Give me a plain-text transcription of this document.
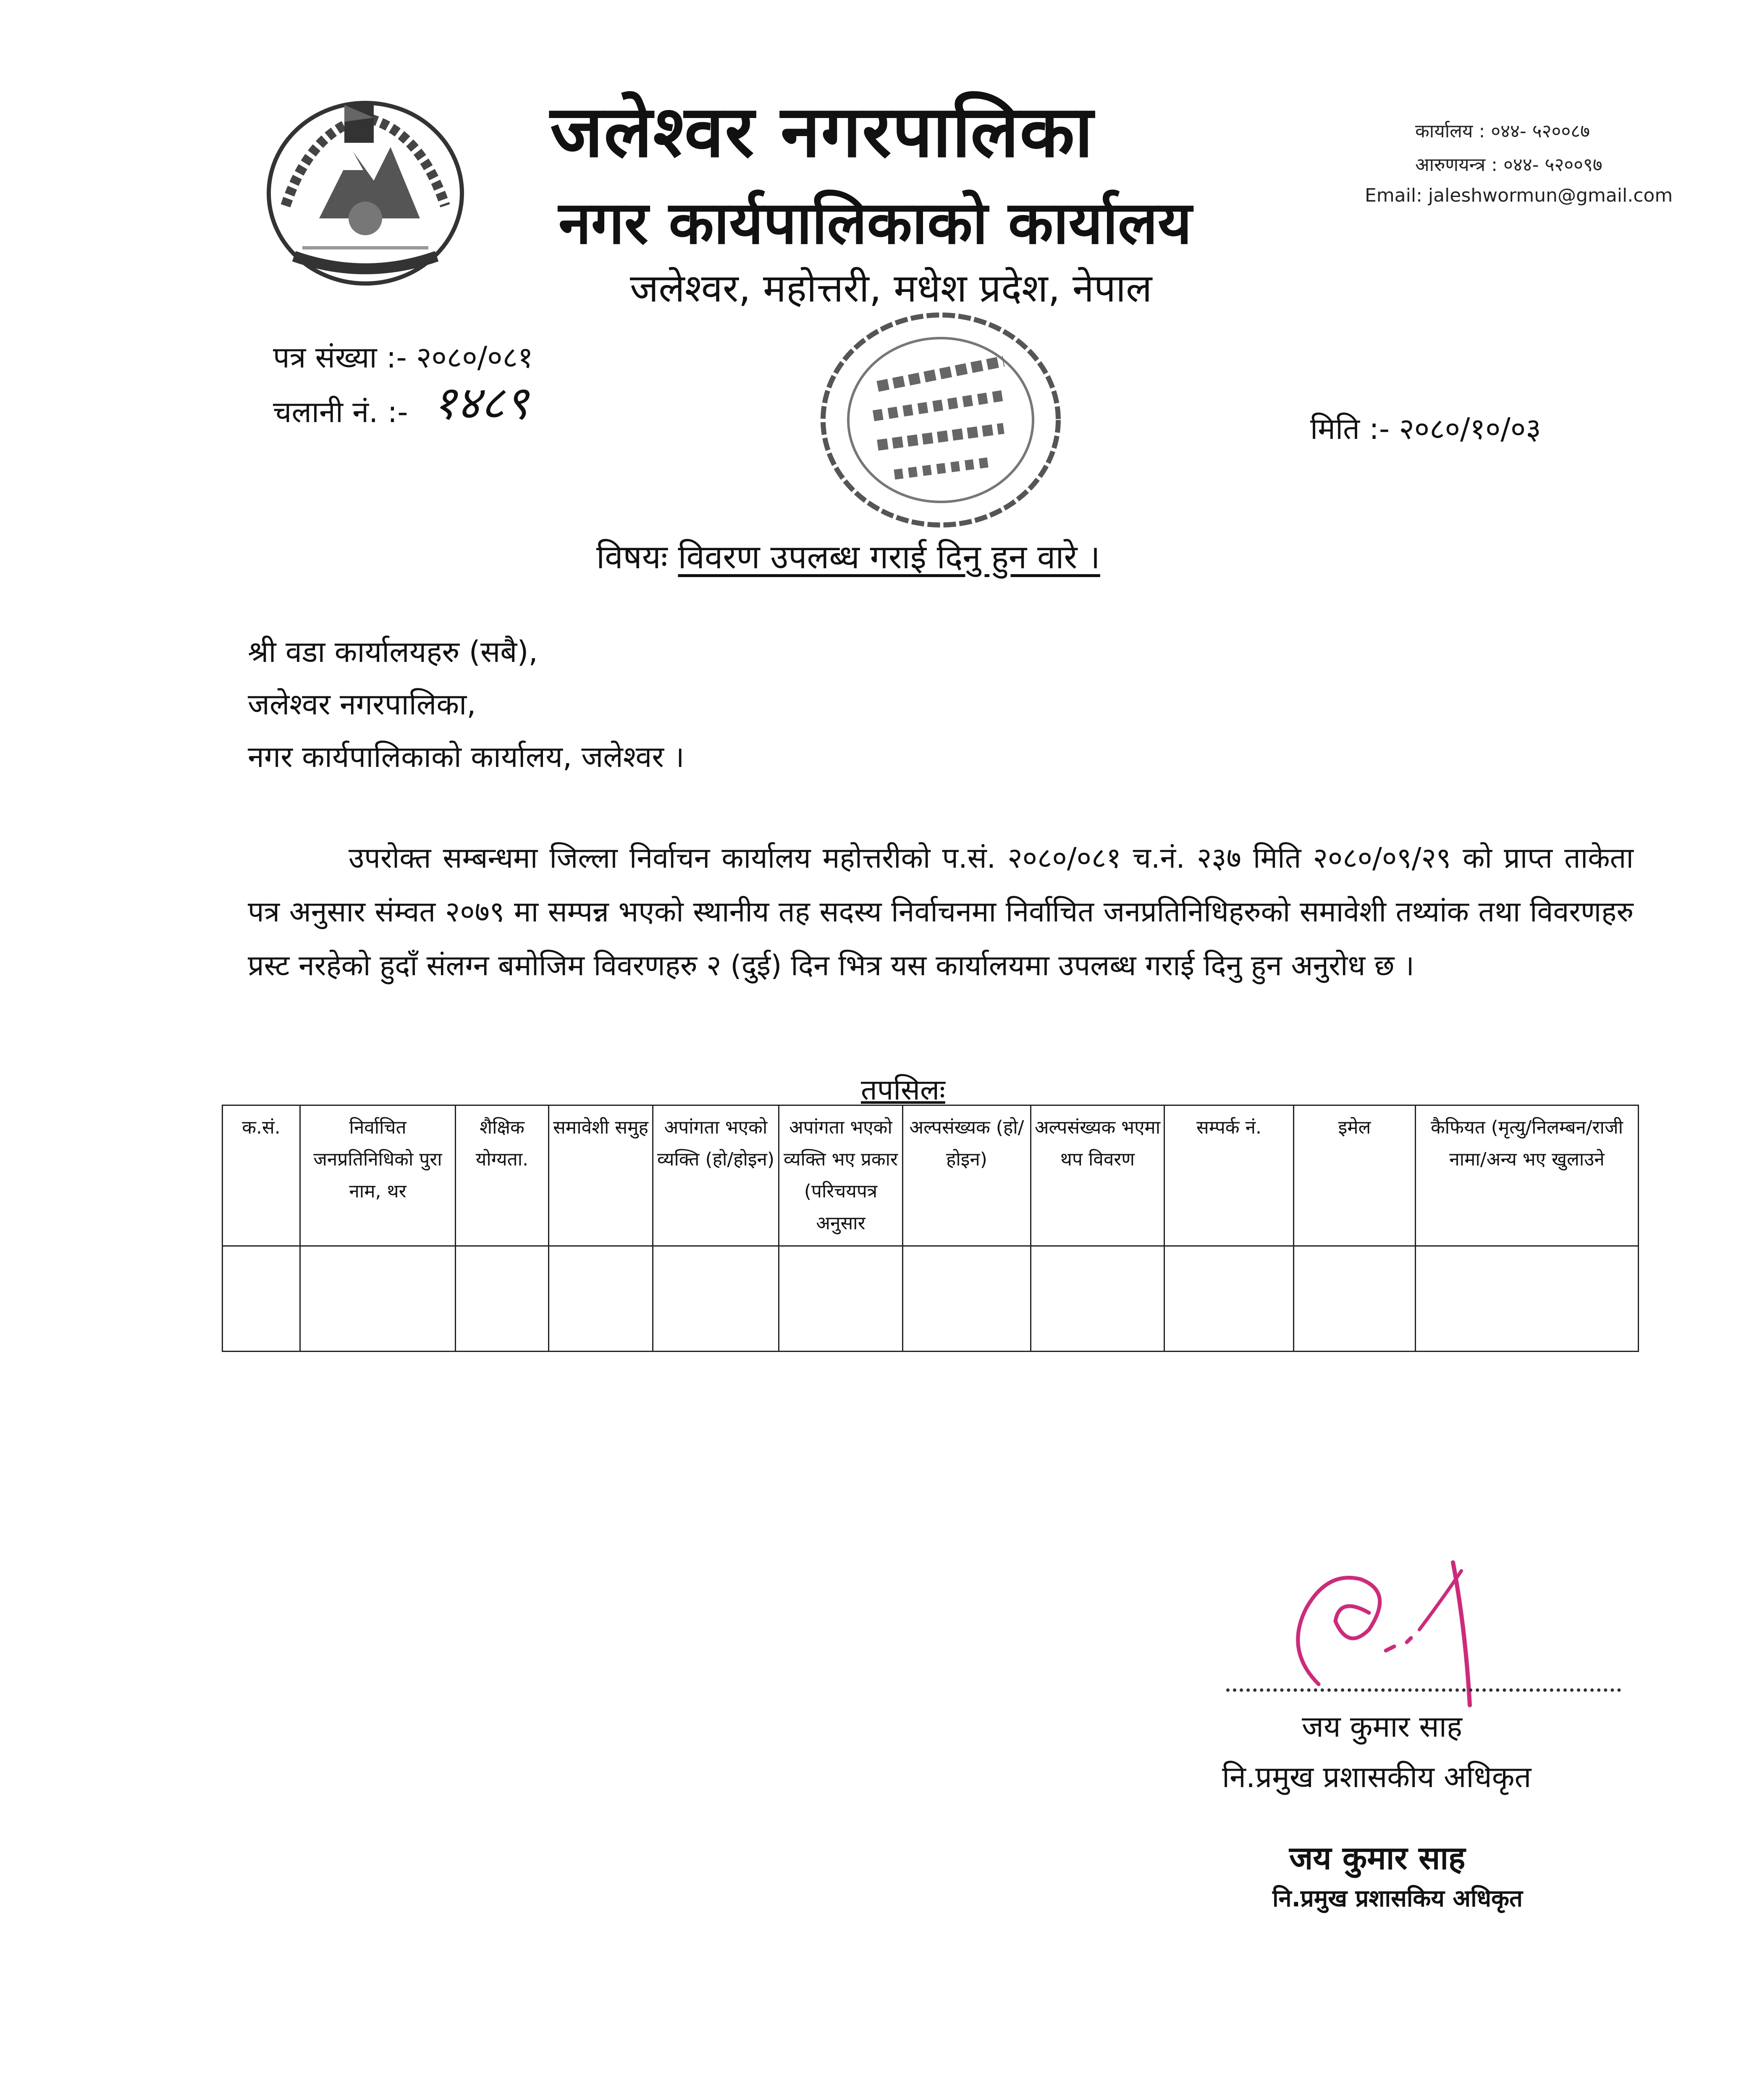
जलेश्वर नगरपालिका
नगर कार्यपालिकाको कार्यालय
जलेश्वर, महोत्तरी, मधेश प्रदेश, नेपाल
कार्यालय : ०४४- ५२००८७
आरुणयन्त्र : ०४४- ५२००९७
Email: jaleshwormun@gmail.com
पत्र संख्या :- २०८०/०८१
चलानी नं. :- १४८९	मिति :- २०८०/१०/०३
विषयः विवरण उपलब्ध गराई दिनु हुन वारे ।
श्री वडा कार्यालयहरु (सबै),
जलेश्वर नगरपालिका,
नगर कार्यपालिकाको कार्यालय, जलेश्वर ।
उपरोक्त सम्बन्धमा जिल्ला निर्वाचन कार्यालय महोत्तरीको प.सं. २०८०/०८१ च.नं. २३७ मिति २०८०/०९/२९ को प्राप्त ताकेता पत्र अनुसार संम्वत २०७९ मा सम्पन्न भएको स्थानीय तह सदस्य निर्वाचनमा निर्वाचित जनप्रतिनिधिहरुको समावेशी तथ्यांक तथा विवरणहरु प्रस्ट नरहेको हुदाँ संलग्न बमोजिम विवरणहरु २ (दुई) दिन भित्र यस कार्यालयमा उपलब्ध गराई दिनु हुन अनुरोध छ ।
तपसिलः
क.सं.	निर्वाचित जनप्रतिनिधिको पुरा नाम, थर	शैक्षिक योग्यता.	समावेशी समुह	अपांगता भएको व्यक्ति (हो/होइन)	अपांगता भएको व्यक्ति भए प्रकार (परिचयपत्र अनुसार	अल्पसंख्यक (हो/होइन)	अल्पसंख्यक भएमा थप विवरण	सम्पर्क नं.	इमेल	कैफियत (मृत्यु/निलम्बन/राजी नामा/अन्य भए खुलाउने

जय कुमार साह
नि.प्रमुख प्रशासकीय अधिकृत
जय कुमार साह
नि.प्रमुख प्रशासकिय अधिकृत
